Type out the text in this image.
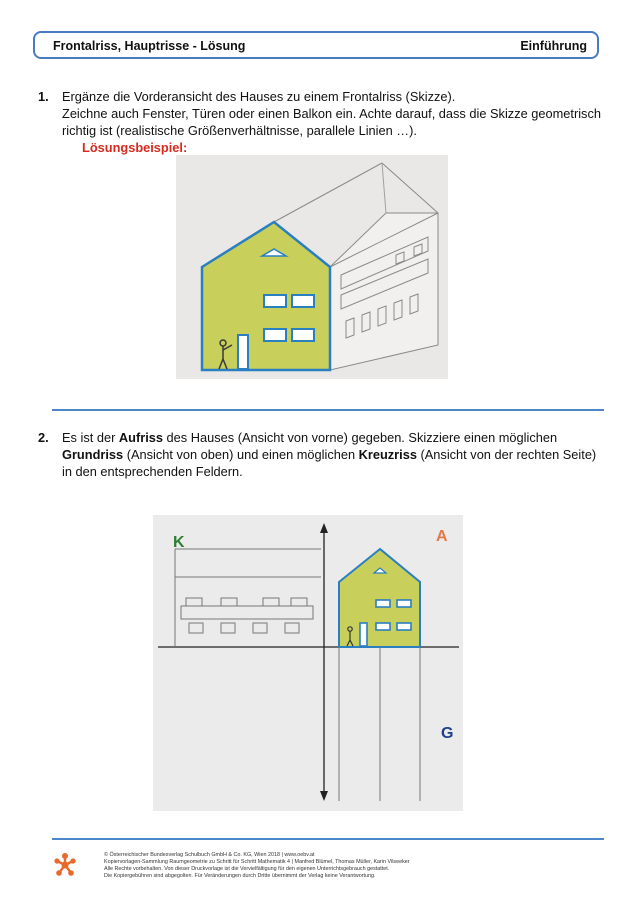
Frontalriss, Hauptrisse - Lösung	Einführung
1. Ergänze die Vorderansicht des Hauses zu einem Frontalriss (Skizze).
Zeichne auch Fenster, Türen oder einen Balkon ein. Achte darauf, dass die Skizze geometrisch
richtig ist (realistische Größenverhältnisse, parallele Linien …).
Lösungsbeispiel:
2. Es ist der Aufriss des Hauses (Ansicht von vorne) gegeben. Skizziere einen möglichen
Grundriss (Ansicht von oben) und einen möglichen Kreuzriss (Ansicht von der rechten Seite)
in den entsprechenden Feldern.
K	A
G
© Österreichischer Bundesverlag Schulbuch GmbH & Co. KG, Wien 2018 | www.oebv.at
Kopiervorlagen-Sammlung Raumgeometrie zu Schritt für Schritt Mathematik 4 | Manfred Blümel, Thomas Müller, Karin Vilseeker
Alle Rechte vorbehalten. Von dieser Druckvorlage ist die Vervielfältigung für den eigenen Unterrichtsgebrauch gestattet.
Die Kopiergebühren sind abgegolten. Für Veränderungen durch Dritte übernimmt der Verlag keine Verantwortung.
